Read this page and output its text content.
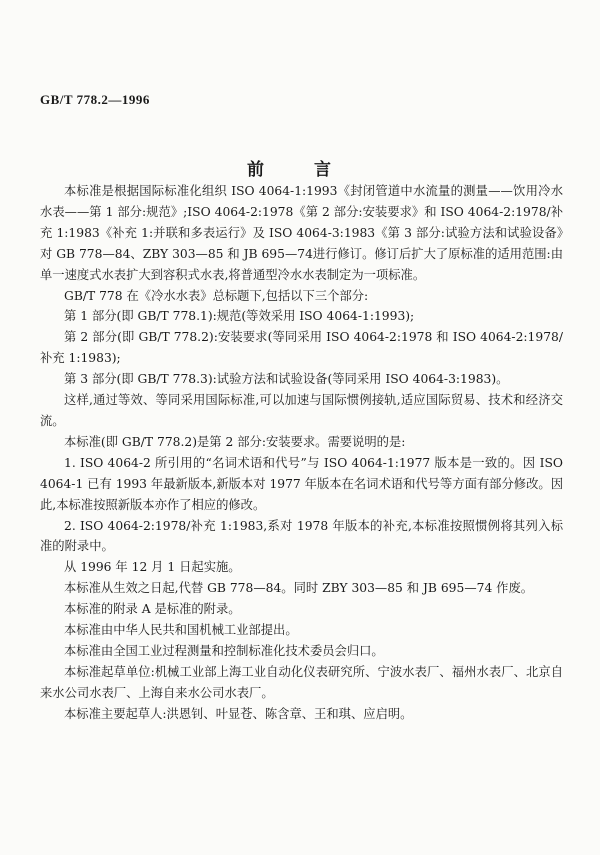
GB/T 778.2—1996
前 言

本标准是根据国际标准化组织 ISO 4064-1:1993《封闭管道中水流量的测量——饮用冷水水表——第 1 部分:规范》;ISO 4064-2:1978《第 2 部分:安装要求》和 ISO 4064-2:1978/补充 1:1983《补充 1:并联和多表运行》及 ISO 4064-3:1983《第 3 部分:试验方法和试验设备》对 GB 778—84、ZBY 303—85 和 JB 695—74进行修订。修订后扩大了原标准的适用范围:由单一速度式水表扩大到容积式水表,将普通型冷水水表制定为一项标准。

GB/T 778 在《冷水水表》总标题下,包括以下三个部分:

第 1 部分(即 GB/T 778.1):规范(等效采用 ISO 4064-1:1993);

第 2 部分(即 GB/T 778.2):安装要求(等同采用 ISO 4064-2:1978 和 ISO 4064-2:1978/补充 1:1983);

第 3 部分(即 GB/T 778.3):试验方法和试验设备(等同采用 ISO 4064-3:1983)。

这样,通过等效、等同采用国际标准,可以加速与国际惯例接轨,适应国际贸易、技术和经济交流。

本标准(即 GB/T 778.2)是第 2 部分:安装要求。需要说明的是:

1. ISO 4064-2 所引用的“名词术语和代号”与 ISO 4064-1:1977 版本是一致的。因 ISO 4064-1 已有 1993 年最新版本,新版本对 1977 年版本在名词术语和代号等方面有部分修改。因此,本标准按照新版本亦作了相应的修改。

2. ISO 4064-2:1978/补充 1:1983,系对 1978 年版本的补充,本标准按照惯例将其列入标准的附录中。

从 1996 年 12 月 1 日起实施。

本标准从生效之日起,代替 GB 778—84。同时 ZBY 303—85 和 JB 695—74 作废。

本标准的附录 A 是标准的附录。

本标准由中华人民共和国机械工业部提出。

本标准由全国工业过程测量和控制标准化技术委员会归口。

本标准起草单位:机械工业部上海工业自动化仪表研究所、宁波水表厂、福州水表厂、北京自来水公司水表厂、上海自来水公司水表厂。

本标准主要起草人:洪恩钊、叶显苍、陈含章、王和琪、应启明。
